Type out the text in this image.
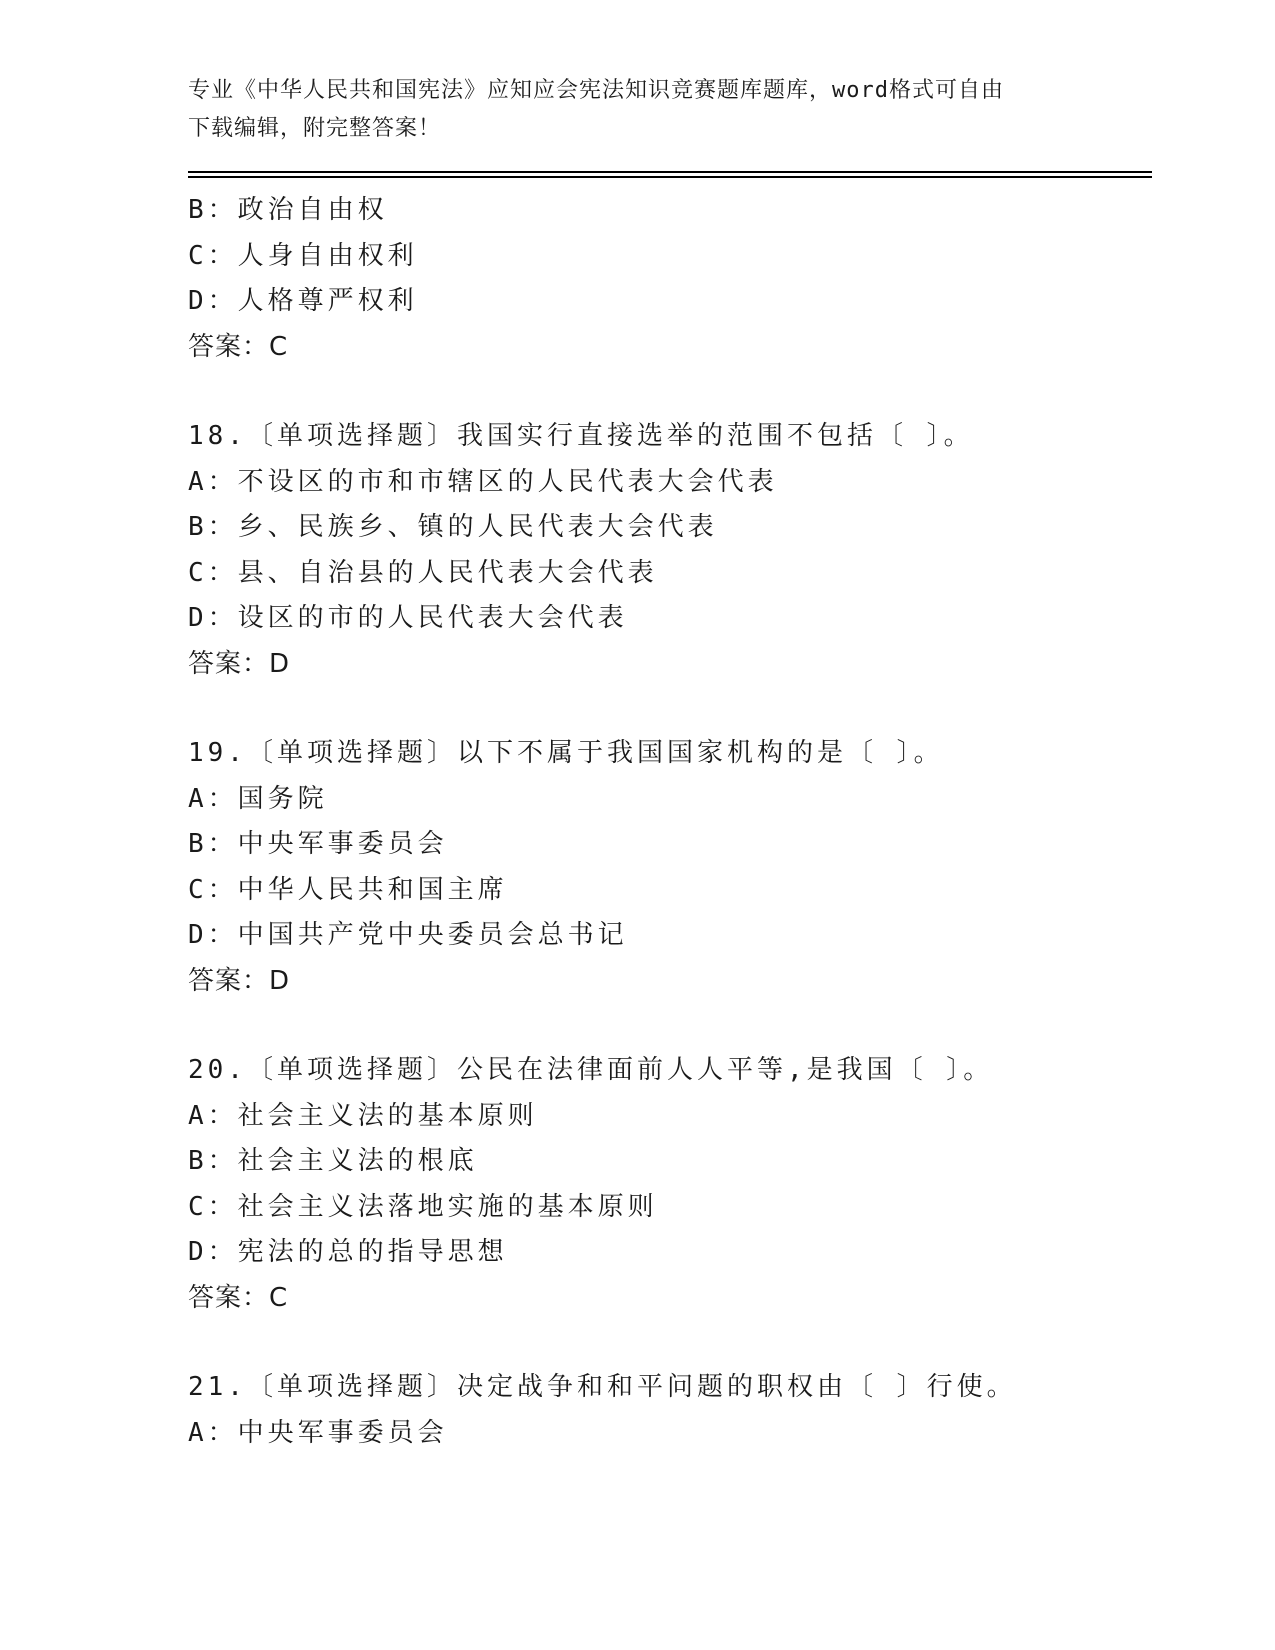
专业《中华人民共和国宪法》应知应会宪法知识竞赛题库题库，word格式可自由
下载编辑，附完整答案！
B：政治自由权
C：人身自由权利
D：人格尊严权利
答案：C
18.〔单项选择题〕我国实行直接选举的范围不包括〔 〕。
A：不设区的市和市辖区的人民代表大会代表
B：乡、民族乡、镇的人民代表大会代表
C：县、自治县的人民代表大会代表
D：设区的市的人民代表大会代表
答案：D
19.〔单项选择题〕以下不属于我国国家机构的是〔 〕。
A：国务院
B：中央军事委员会
C：中华人民共和国主席
D：中国共产党中央委员会总书记
答案：D
20.〔单项选择题〕公民在法律面前人人平等,是我国〔 〕。
A：社会主义法的基本原则
B：社会主义法的根底
C：社会主义法落地实施的基本原则
D：宪法的总的指导思想
答案：C
21.〔单项选择题〕决定战争和和平问题的职权由〔 〕行使。
A：中央军事委员会
